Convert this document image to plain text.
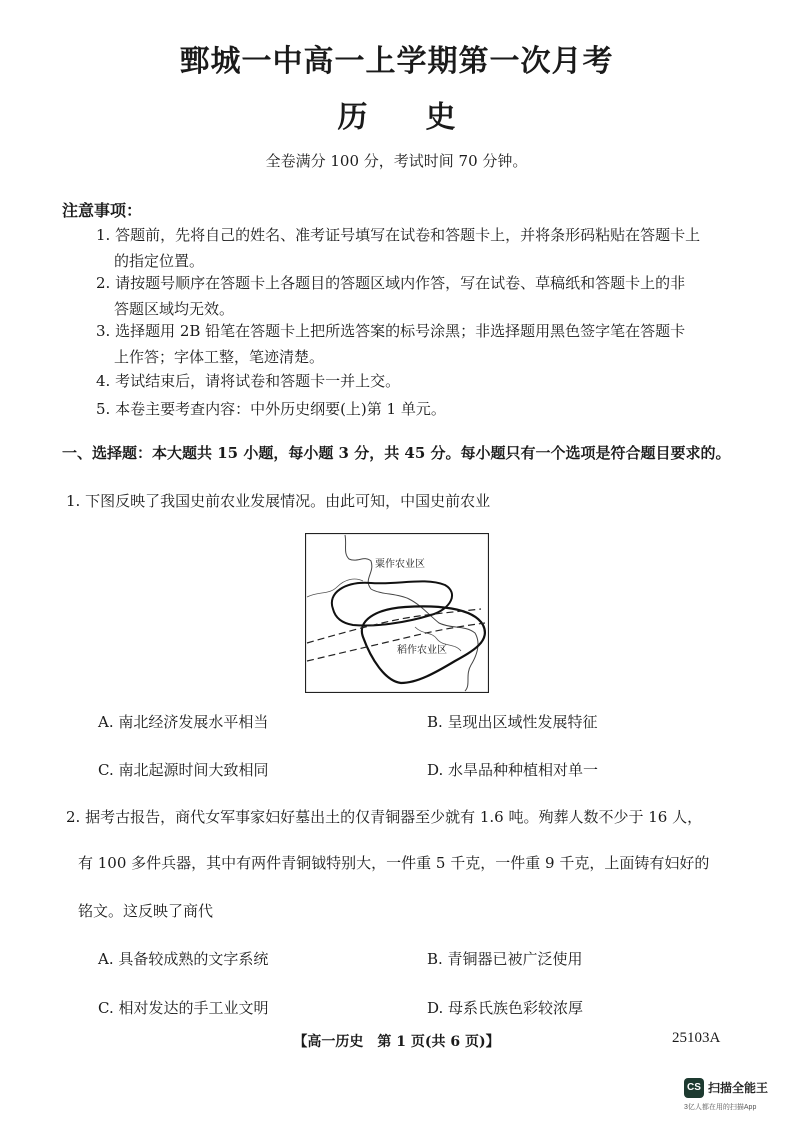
鄄城一中高一上学期第一次月考
历史
全卷满分 100 分，考试时间 70 分钟。
注意事项：
1. 答题前，先将自己的姓名、准考证号填写在试卷和答题卡上，并将条形码粘贴在答题卡上
的指定位置。
2. 请按题号顺序在答题卡上各题目的答题区域内作答，写在试卷、草稿纸和答题卡上的非
答题区域均无效。
3. 选择题用 2B 铅笔在答题卡上把所选答案的标号涂黑；非选择题用黑色签字笔在答题卡
上作答；字体工整，笔迹清楚。
4. 考试结束后，请将试卷和答题卡一并上交。
5. 本卷主要考查内容：中外历史纲要(上)第 1 单元。
一、选择题：本大题共 15 小题，每小题 3 分，共 45 分。每小题只有一个选项是符合题目要求的。
1. 下图反映了我国史前农业发展情况。由此可知，中国史前农业
粟作农业区
稻作农业区
A. 南北经济发展水平相当	B. 呈现出区域性发展特征
C. 南北起源时间大致相同	D. 水旱品种种植相对单一
2. 据考古报告，商代女军事家妇好墓出土的仅青铜器至少就有 1.6 吨。殉葬人数不少于 16 人，
有 100 多件兵器，其中有两件青铜钺特别大，一件重 5 千克，一件重 9 千克，上面铸有妇好的
铭文。这反映了商代
A. 具备较成熟的文字系统	B. 青铜器已被广泛使用
C. 相对发达的手工业文明	D. 母系氏族色彩较浓厚
【高一历史　第 1 页(共 6 页)】	25103A
CS 扫描全能王
3亿人都在用的扫描App
